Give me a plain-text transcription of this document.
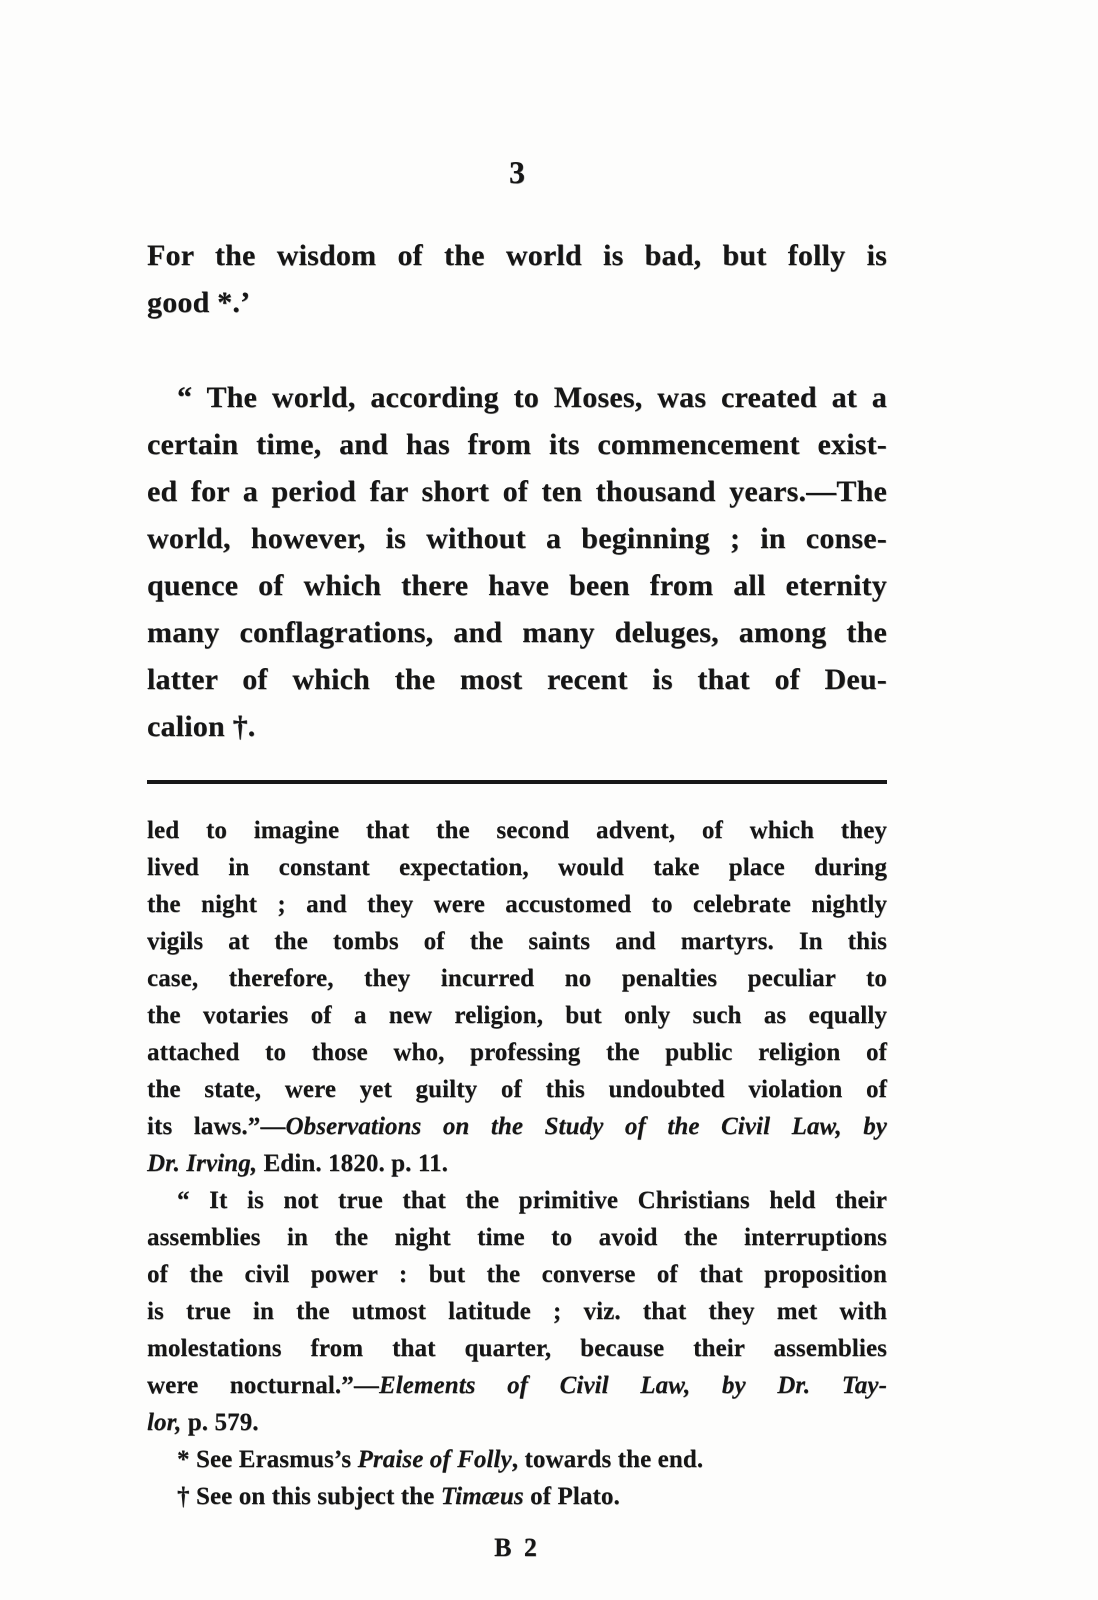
3
For the wisdom of the world is bad, but folly is
good *.’
“ The world, according to Moses, was created at a
certain time, and has from its commencement exist-
ed for a period far short of ten thousand years.—The
world, however, is without a beginning ; in conse-
quence of which there have been from all eternity
many conflagrations, and many deluges, among the
latter of which the most recent is that of Deu-
calion †.
led to imagine that the second advent, of which they
lived in constant expectation, would take place during
the night ; and they were accustomed to celebrate nightly
vigils at the tombs of the saints and martyrs. In this
case, therefore, they incurred no penalties peculiar to
the votaries of a new religion, but only such as equally
attached to those who, professing the public religion of
the state, were yet guilty of this undoubted violation of
its laws.”—Observations on the Study of the Civil Law, by
Dr. Irving, Edin. 1820. p. 11.
“ It is not true that the primitive Christians held their
assemblies in the night time to avoid the interruptions
of the civil power : but the converse of that proposition
is true in the utmost latitude ; viz. that they met with
molestations from that quarter, because their assemblies
were nocturnal.”—Elements of Civil Law, by Dr. Tay-
lor, p. 579.
* See Erasmus’s Praise of Folly, towards the end.
† See on this subject the Timæus of Plato.
B 2
